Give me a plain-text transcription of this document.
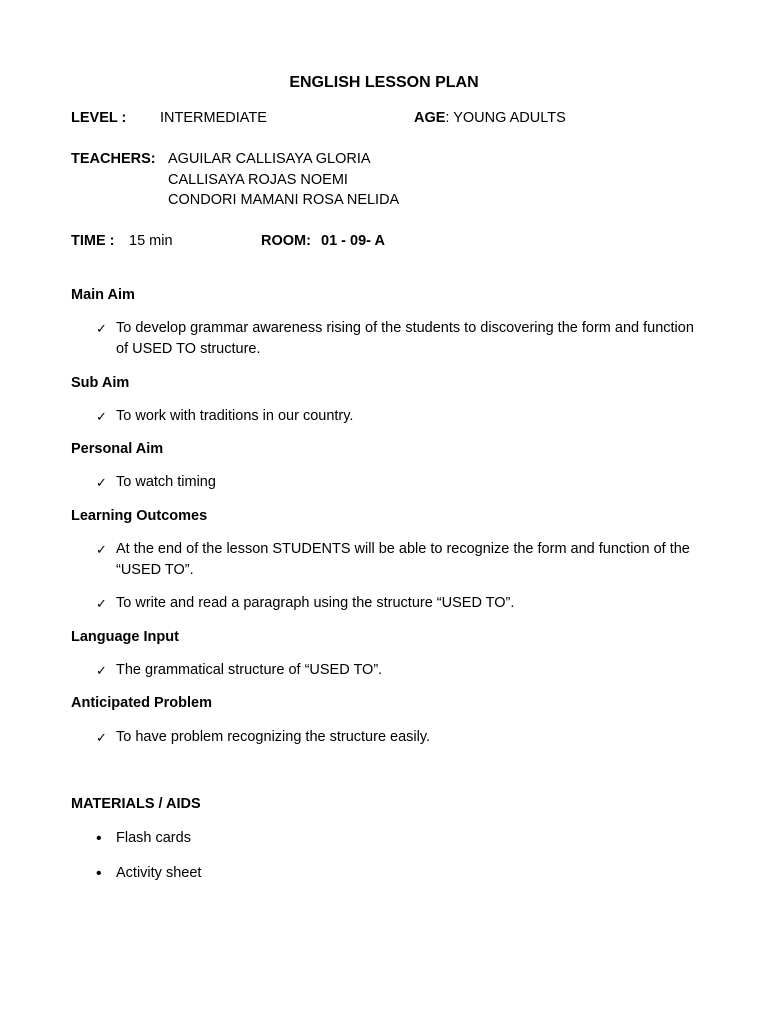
ENGLISH LESSON PLAN
LEVEL : INTERMEDIATE	AGE: YOUNG ADULTS
TEACHERS: AGUILAR CALLISAYA GLORIA
CALLISAYA ROJAS NOEMI
CONDORI MAMANI ROSA NELIDA
TIME : 15 min	ROOM: 01 - 09- A
Main Aim
✓ To develop grammar awareness rising of the students to discovering the form and function of USED TO structure.
Sub Aim
✓ To work with traditions in our country.
Personal Aim
✓ To watch timing
Learning Outcomes
✓ At the end of the lesson STUDENTS will be able to recognize the form and function of the “USED TO”.
✓ To write and read a paragraph using the structure “USED TO”.
Language Input
✓ The grammatical structure of “USED TO”.
Anticipated Problem
✓ To have problem recognizing the structure easily.
MATERIALS / AIDS
• Flash cards
• Activity sheet
